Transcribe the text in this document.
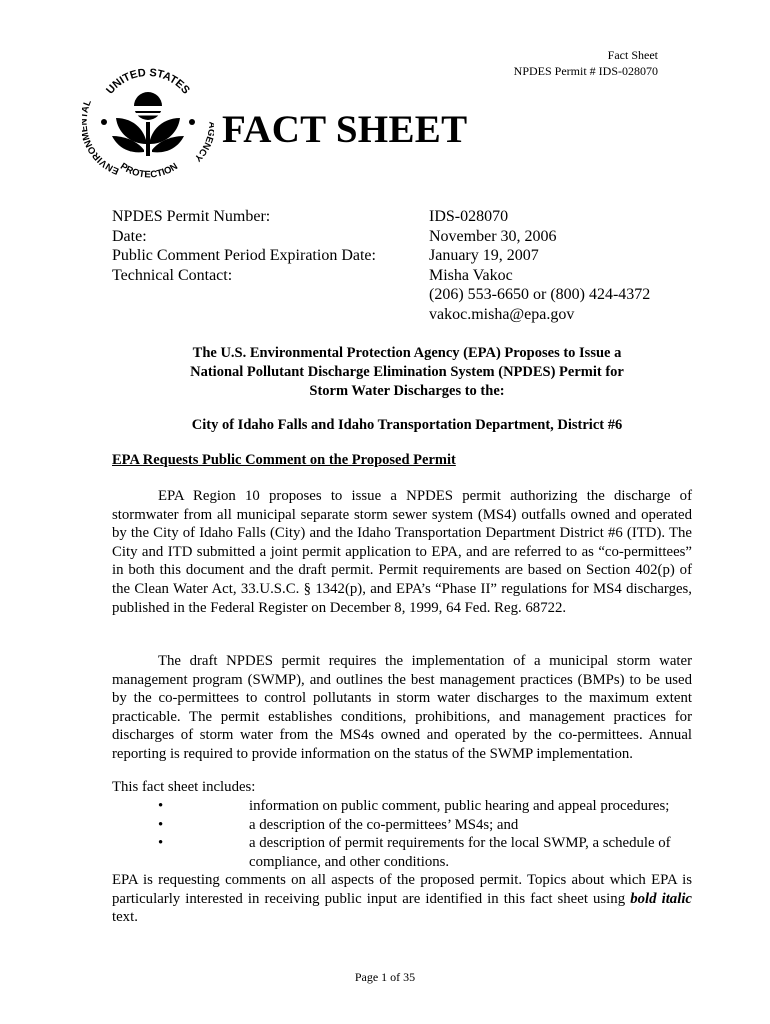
Fact Sheet
NPDES Permit # IDS-028070
UNITED STATES
ENVIRON L
ENCY
PROTECTION
FACT SHEET
NPDES Permit Number:	IDS-028070
Date:	November 30, 2006
Public Comment Period Expiration Date:	January 19, 2007
Technical Contact:	Misha Vakoc
(206) 553-6650 or (800) 424-4372
vakoc.misha@epa.gov
The U.S. Environmental Protection Agency (EPA) Proposes to Issue a
National Pollutant Discharge Elimination System (NPDES) Permit for
Storm Water Discharges to the:
City of Idaho Falls and Idaho Transportation Department, District #6
EPA Requests Public Comment on the Proposed Permit

EPA Region 10 proposes to issue a NPDES permit authorizing the discharge of stormwater from all municipal separate storm sewer system (MS4) outfalls owned and operated by the City of Idaho Falls (City) and the Idaho Transportation Department District #6 (ITD). The City and ITD submitted a joint permit application to EPA, and are referred to as “co-permittees” in both this document and the draft permit. Permit requirements are based on Section 402(p) of the Clean Water Act, 33.U.S.C. § 1342(p), and EPA’s “Phase II” regulations for MS4 discharges, published in the Federal Register on December 8, 1999, 64 Fed. Reg. 68722.

The draft NPDES permit requires the implementation of a municipal storm water management program (SWMP), and outlines the best management practices (BMPs) to be used by the co-permittees to control pollutants in storm water discharges to the maximum extent practicable. The permit establishes conditions, prohibitions, and management practices for discharges of storm water from the MS4s owned and operated by the co-permittees. Annual reporting is required to provide information on the status of the SWMP implementation.

This fact sheet includes:
•	information on public comment, public hearing and appeal procedures;
•	a description of the co-permittees’ MS4s; and
•	a description of permit requirements for the local SWMP, a schedule of compliance, and other conditions.

EPA is requesting comments on all aspects of the proposed permit. Topics about which EPA is particularly interested in receiving public input are identified in this fact sheet using bold italic text.

Page 1 of 35
